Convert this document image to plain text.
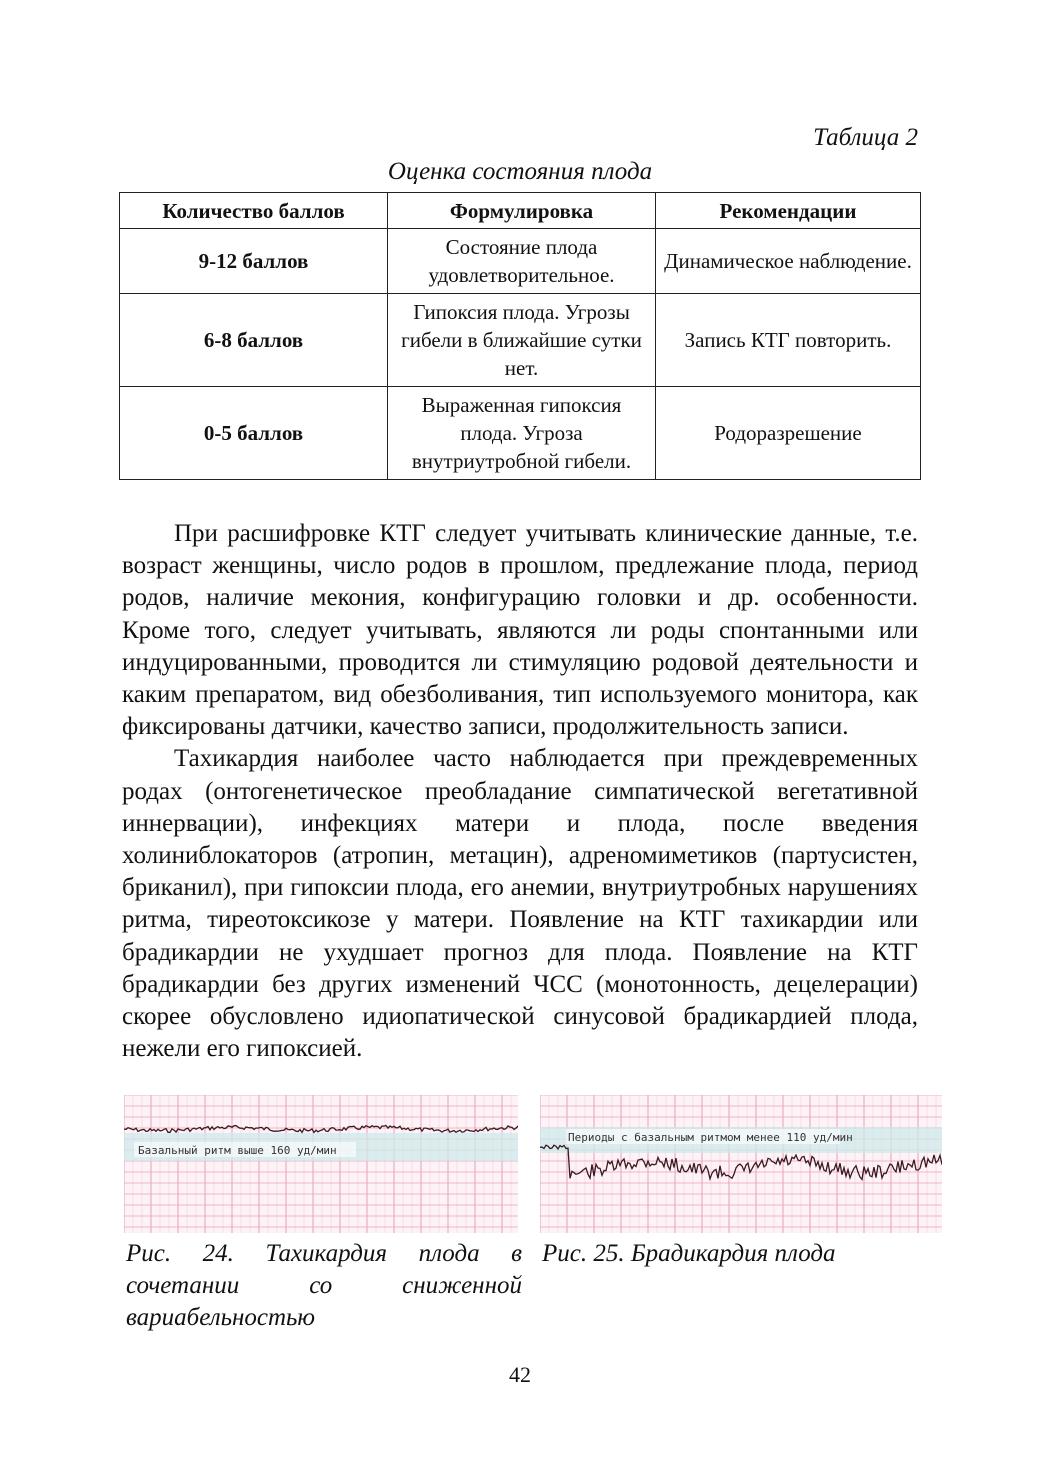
Таблица 2
Оценка состояния плода
Количество баллов	Формулировка	Рекомендации
9-12 баллов	Состояние плода удовлетворительное.	Динамическое наблюдение.
6-8 баллов	Гипоксия плода. Угрозы гибели в ближайшие сутки нет.	Запись КТГ повторить.
0-5 баллов	Выраженная гипоксия плода. Угроза внутриутробной гибели.	Родоразрешение

При расшифровке КТГ следует учитывать клинические данные, т.е. возраст женщины, число родов в прошлом, предлежание плода, период родов, наличие мекония, конфигурацию головки и др. особенности. Кроме того, следует учитывать, являются ли роды спонтанными или индуцированными, проводится ли стимуляцию родовой деятельности и каким препаратом, вид обезболивания, тип используемого монитора, как фиксированы датчики, качество записи, продолжительность записи.

Тахикардия наиболее часто наблюдается при преждевременных родах (онтогенетическое преобладание симпатической вегетативной иннервации), инфекциях матери и плода, после введения холиниблокаторов (атропин, метацин), адреномиметиков (партусистен, бриканил), при гипоксии плода, его анемии, внутриутробных нарушениях ритма, тиреотоксикозе у матери. Появление на КТГ тахикардии или брадикардии не ухудшает прогноз для плода. Появление на КТГ брадикардии без других изменений ЧСС (монотонность, децелерации) скорее обусловлено идиопатической синусовой брадикардией плода, нежели его гипоксией.

Базальный ритм выше 160 уд/мин
Периоды с базальным ритмом менее 110 уд/мин
Рис. 24. Тахикардия плода в сочетании со сниженной вариабельностью
Рис. 25. Брадикардия плода
42
